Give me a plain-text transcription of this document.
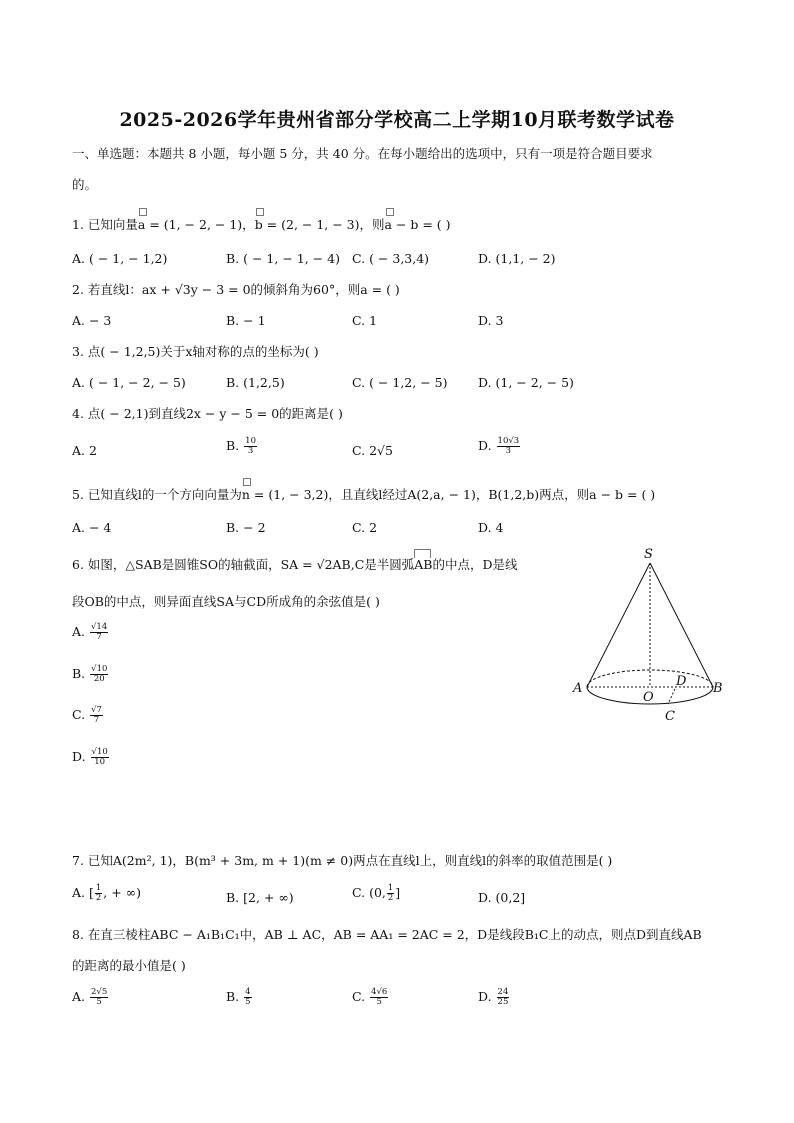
2025-2026学年贵州省部分学校高二上学期10月联考数学试卷
一、单选题：本题共 8 小题，每小题 5 分，共 40 分。在每小题给出的选项中，只有一项是符合题目要求
的。
1. 已知向量
a = (1, − 2, − 1)，
b = (2, − 1, − 3)，则
a − b = ( )
A. ( − 1, − 1,2)	B. ( − 1, − 1, − 4) C. ( − 3,3,4)	D. (1,1, − 2)
2. 若直线l：ax + √3y − 3 = 0的倾斜角为60°，则a = ( )
A. − 3	B. − 1	C. 1	D. 3
3. 点( − 1,2,5)关于x轴对称的点的坐标为( )
A. ( − 1, − 2, − 5)	B. (1,2,5)	C. ( − 1,2, − 5) D. (1, − 2, − 5)
4. 点( − 2,1)到直线2x − y − 5 = 0的距离是( )
A. 2	B. $\frac{10}{3}$	C. 2√5	D. $\frac{10√3}{3}$
5. 已知直线l的一个方向向量为
n = (1, − 3,2)，且直线l经过A(2,a, − 1)，B(1,2,b)两点，则a − b = ( )
A. − 4	B. − 2	C. 2	D. 4
6. 如图，△SAB是圆锥SO的轴截面，SA = √2AB,C是半圆弧
AB的中点，D是线
段OB的中点，则异面直线SA与CD所成角的余弦值是( )
A. $\frac{√14}{7}$
B. $\frac{√10}{20}$
C. $\frac{√7}{7}$
D. $\frac{√10}{10}$
S
A	B
O
D
C
7. 已知A(2m², 1)，B(m³ + 3m, m + 1)(m ≠ 0)两点在直线l上，则直线l的斜率的取值范围是( )
A. [ $\frac{1}{2}$ , + ∞)	B. [2, + ∞)	C. (0, $\frac{1}{2}$ ]	D. (0,2]
8. 在直三棱柱ABC − A₁B₁C₁中，AB ⊥ AC，AB = AA₁ = 2AC = 2，D是线段B₁C上的动点，则点D到直线AB
的距离的最小值是( )
A. $\frac{2√5}{5}$	B. $\frac{4}{5}$	C. $\frac{4√6}{5}$	D. $\frac{24}{25}$
